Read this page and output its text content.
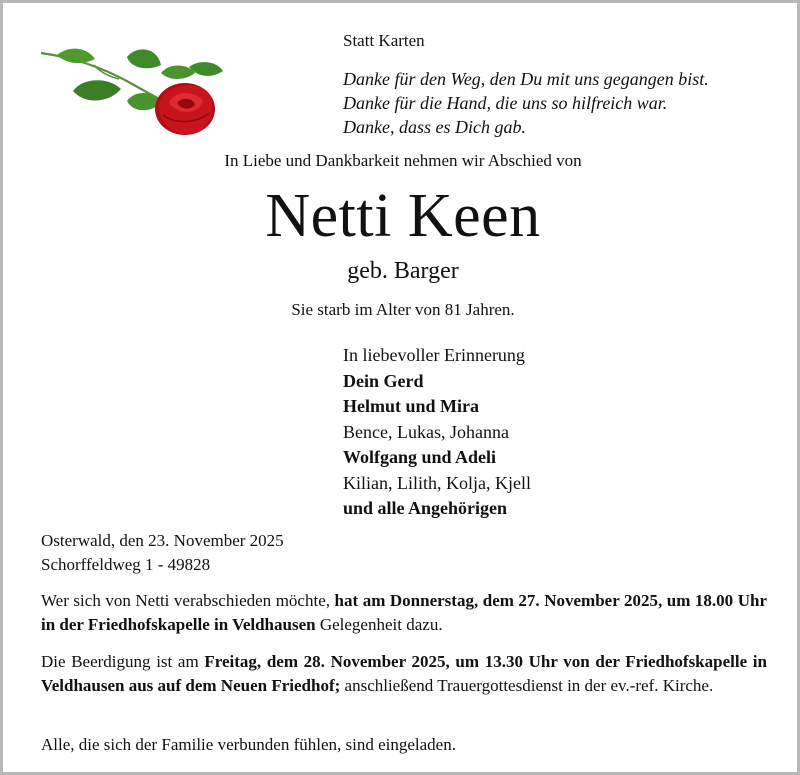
Statt Karten
Danke für den Weg, den Du mit uns gegangen bist.
Danke für die Hand, die uns so hilfreich war.
Danke, dass es Dich gab.
In Liebe und Dankbarkeit nehmen wir Abschied von
Netti Keen
geb. Barger
Sie starb im Alter von 81 Jahren.
In liebevoller Erinnerung
Dein Gerd
Helmut und Mira
Bence, Lukas, Johanna
Wolfgang und Adeli
Kilian, Lilith, Kolja, Kjell
und alle Angehörigen
Osterwald, den 23. November 2025
Schorffeldweg 1 - 49828
Wer sich von Netti verabschieden möchte, hat am Donnerstag, dem 27. November 2025, um 18.00 Uhr in der Friedhofskapelle in Veldhausen Gelegenheit dazu.
Die Beerdigung ist am Freitag, dem 28. November 2025, um 13.30 Uhr von der Friedhofskapelle in Veldhausen aus auf dem Neuen Friedhof; anschließend Trauergottesdienst in der ev.-ref. Kirche.
Alle, die sich der Familie verbunden fühlen, sind eingeladen.
